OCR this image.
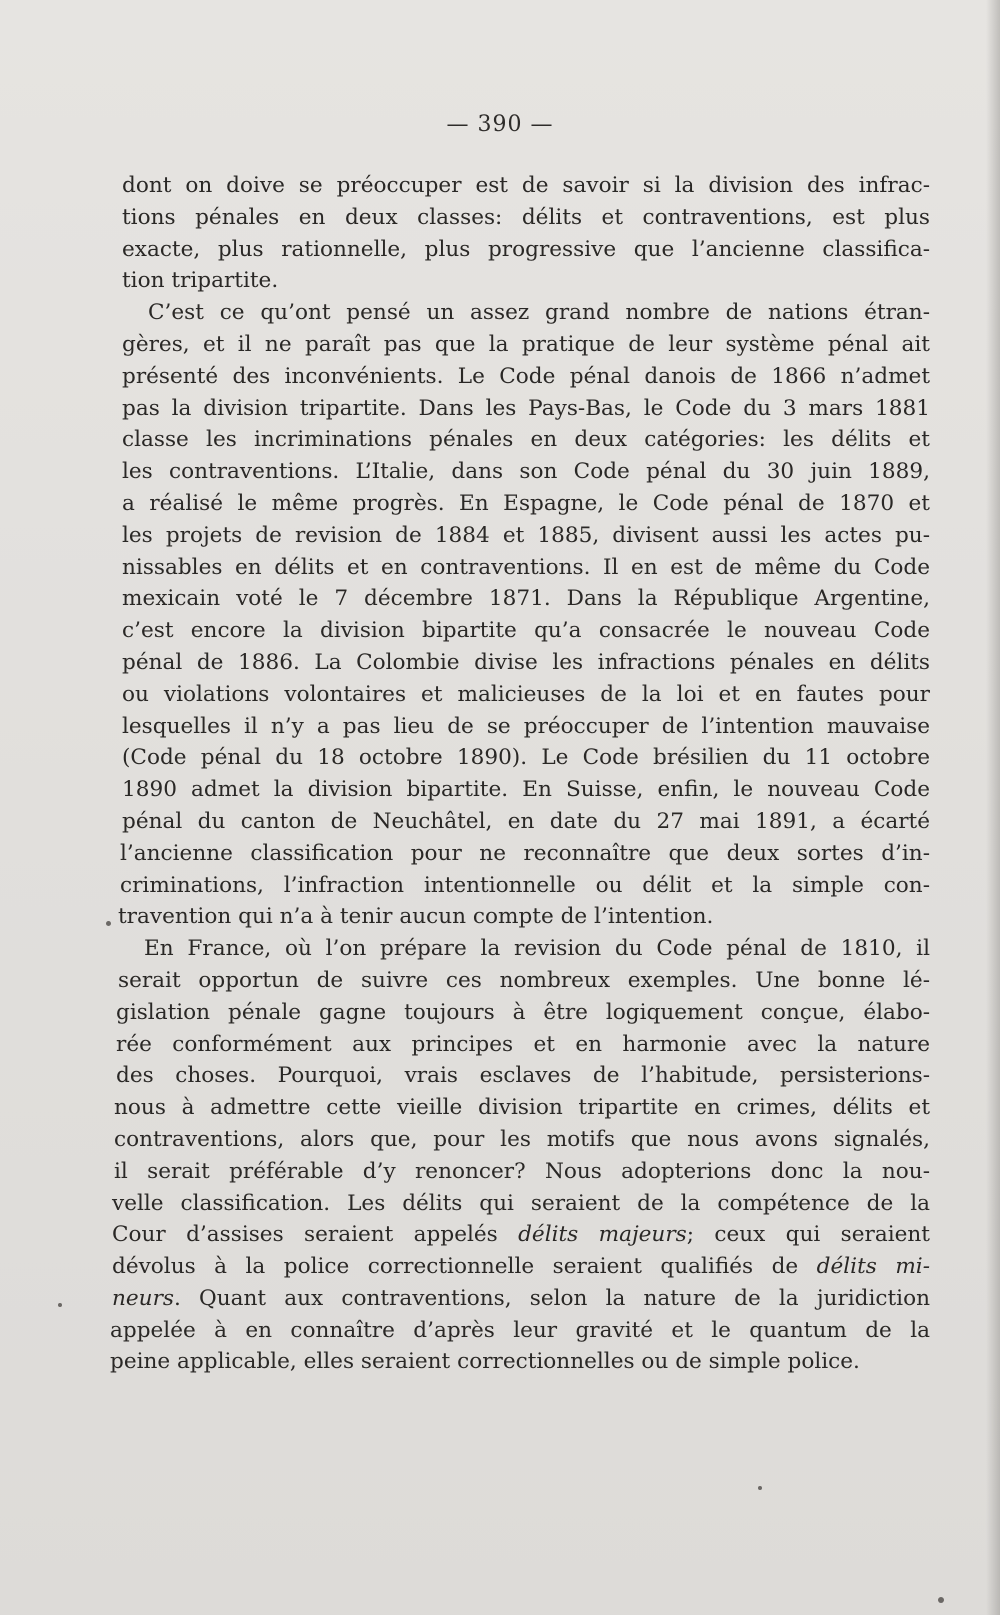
— 390 —
dont on doive se préoccuper est de savoir si la division des infrac-
tions pénales en deux classes: délits et contraventions, est plus
exacte, plus rationnelle, plus progressive que l’ancienne classifica-
tion tripartite.
C’est ce qu’ont pensé un assez grand nombre de nations étran-
gères, et il ne paraît pas que la pratique de leur système pénal ait
présenté des inconvénients. Le Code pénal danois de 1866 n’admet
pas la division tripartite. Dans les Pays-Bas, le Code du 3 mars 1881
classe les incriminations pénales en deux catégories: les délits et
les contraventions. L’Italie, dans son Code pénal du 30 juin 1889,
a réalisé le même progrès. En Espagne, le Code pénal de 1870 et
les projets de revision de 1884 et 1885, divisent aussi les actes pu-
nissables en délits et en contraventions. Il en est de même du Code
mexicain voté le 7 décembre 1871. Dans la République Argentine,
c’est encore la division bipartite qu’a consacrée le nouveau Code
pénal de 1886. La Colombie divise les infractions pénales en délits
ou violations volontaires et malicieuses de la loi et en fautes pour
lesquelles il n’y a pas lieu de se préoccuper de l’intention mauvaise
(Code pénal du 18 octobre 1890). Le Code brésilien du 11 octobre
1890 admet la division bipartite. En Suisse, enfin, le nouveau Code
pénal du canton de Neuchâtel, en date du 27 mai 1891, a écarté
l’ancienne classification pour ne reconnaître que deux sortes d’in-
criminations, l’infraction intentionnelle ou délit et la simple con-
travention qui n’a à tenir aucun compte de l’intention.
En France, où l’on prépare la revision du Code pénal de 1810, il
serait opportun de suivre ces nombreux exemples. Une bonne lé-
gislation pénale gagne toujours à être logiquement conçue, élabo-
rée conformément aux principes et en harmonie avec la nature
des choses. Pourquoi, vrais esclaves de l’habitude, persisterions-
nous à admettre cette vieille division tripartite en crimes, délits et
contraventions, alors que, pour les motifs que nous avons signalés,
il serait préférable d’y renoncer? Nous adopterions donc la nou-
velle classification. Les délits qui seraient de la compétence de la
Cour d’assises seraient appelés délits majeurs; ceux qui seraient
dévolus à la police correctionnelle seraient qualifiés de délits mi-
neurs. Quant aux contraventions, selon la nature de la juridiction
appelée à en connaître d’après leur gravité et le quantum de la
peine applicable, elles seraient correctionnelles ou de simple police.
